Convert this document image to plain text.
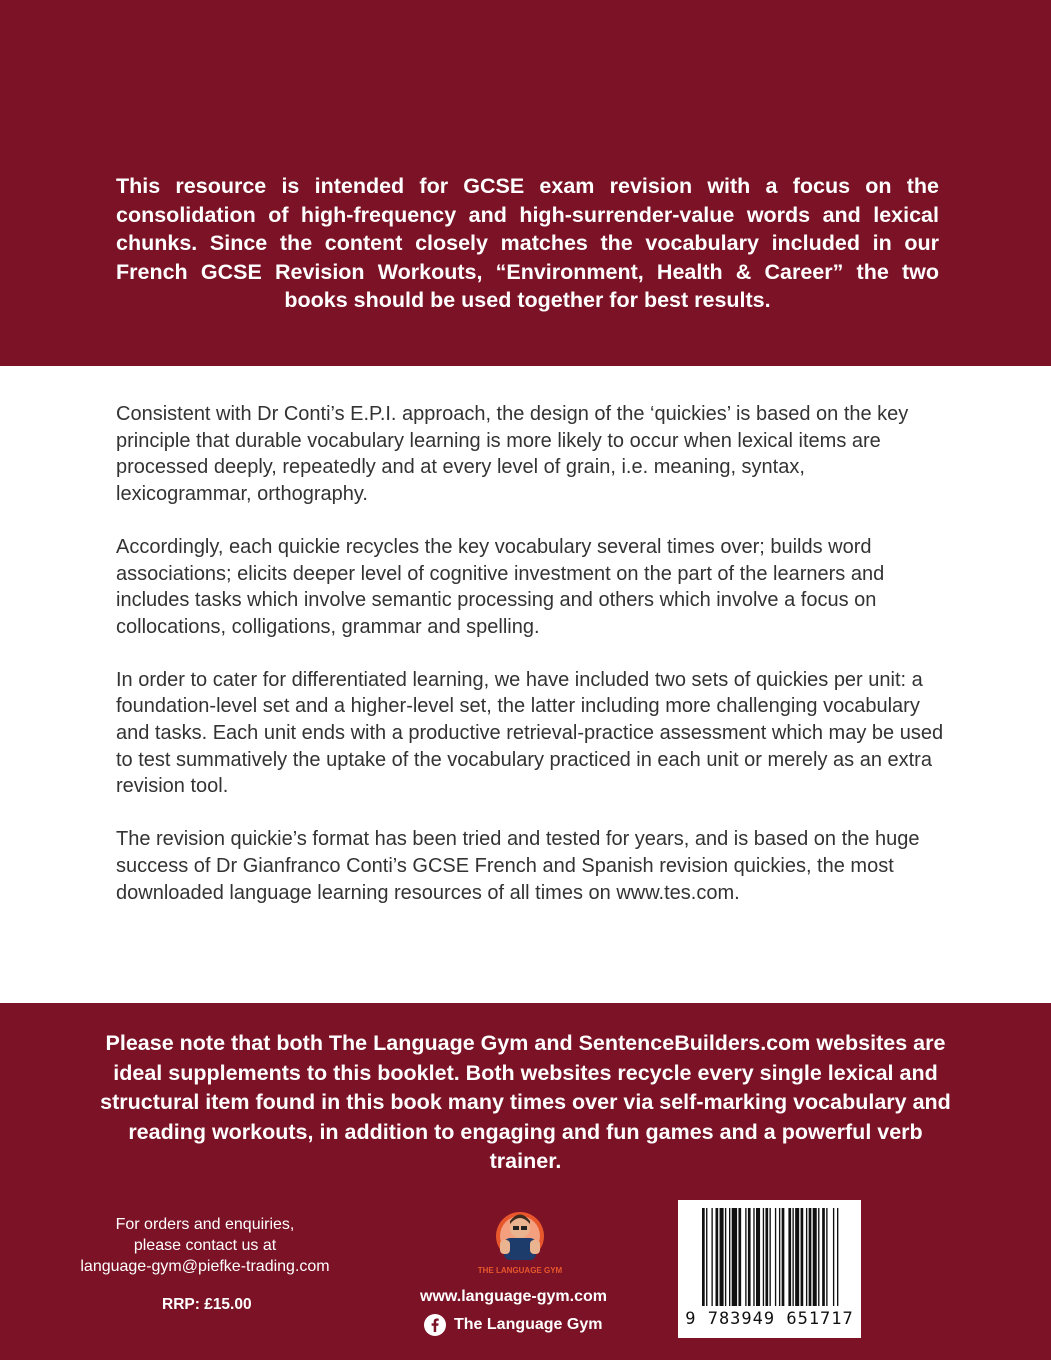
This resource is intended for GCSE exam revision with a focus on the consolidation of high-frequency and high-surrender-value words and lexical chunks. Since the content closely matches the vocabulary included in our French GCSE Revision Workouts, “Environment, Health & Career” the two books should be used together for best results.

Consistent with Dr Conti’s E.P.I. approach, the design of the ‘quickies’ is based on the key principle that durable vocabulary learning is more likely to occur when lexical items are processed deeply, repeatedly and at every level of grain, i.e. meaning, syntax, lexicogrammar, orthography.

Accordingly, each quickie recycles the key vocabulary several times over; builds word associations; elicits deeper level of cognitive investment on the part of the learners and includes tasks which involve semantic processing and others which involve a focus on collocations, colligations, grammar and spelling.

In order to cater for differentiated learning, we have included two sets of quickies per unit: a foundation-level set and a higher-level set, the latter including more challenging vocabulary and tasks. Each unit ends with a productive retrieval-practice assessment which may be used to test summatively the uptake of the vocabulary practiced in each unit or merely as an extra revision tool.

The revision quickie’s format has been tried and tested for years, and is based on the huge success of Dr Gianfranco Conti’s GCSE French and Spanish revision quickies, the most downloaded language learning resources of all times on www.tes.com.

Please note that both The Language Gym and SentenceBuilders.com websites are ideal supplements to this booklet. Both websites recycle every single lexical and structural item found in this book many times over via self-marking vocabulary and reading workouts, in addition to engaging and fun games and a powerful verb trainer.

For orders and enquiries,
please contact us at
language-gym@piefke-trading.com
RRP: £15.00
THE LANGUAGE GYM
www.language-gym.com
The Language Gym	9 783949 651717
